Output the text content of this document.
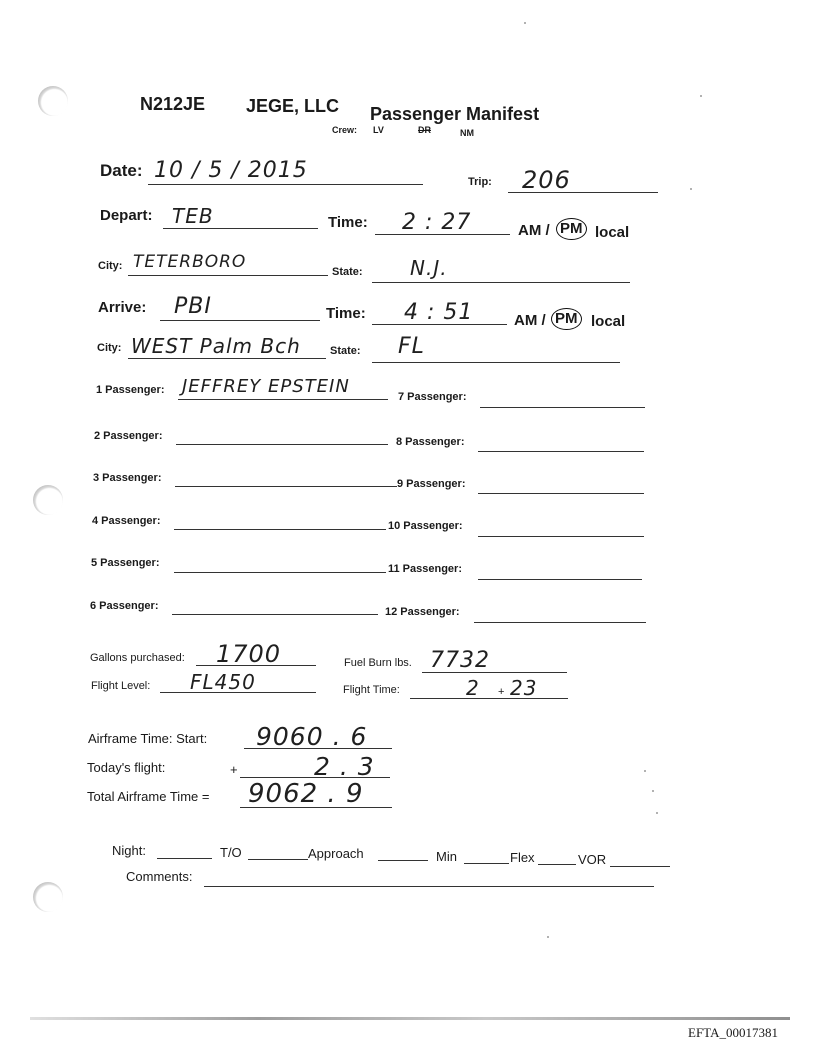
N212JE JEGE, LLC Passenger Manifest
Crew: LV	DR	NM
Date: 10 / 5 / 2015	Trip: 206
Depart: TEB	Time: 2 : 27	AM / PM local
City: TETERBORO	State: N.J.
Arrive: PBI	Time: 4 : 51	AM / PM local
City: WEST Palm Bch	State: FL
1 Passenger: JEFFREY EPSTEIN
2 Passenger:
3 Passenger:
4 Passenger:
5 Passenger:
6 Passenger:
7 Passenger:
8 Passenger:
9 Passenger:
10 Passenger:
11 Passenger:
12 Passenger:
Gallons purchased: 1700	Fuel Burn lbs. 7732
Flight Level: FL450	Flight Time:	2 + 23
Airframe Time: Start: 9060 . 6
Today's flight:	+	2 . 3
Total Airframe Time = 9062 . 9
Night:	T/O	Approach	Min	Flex	VOR
Comments:
EFTA_00017381
